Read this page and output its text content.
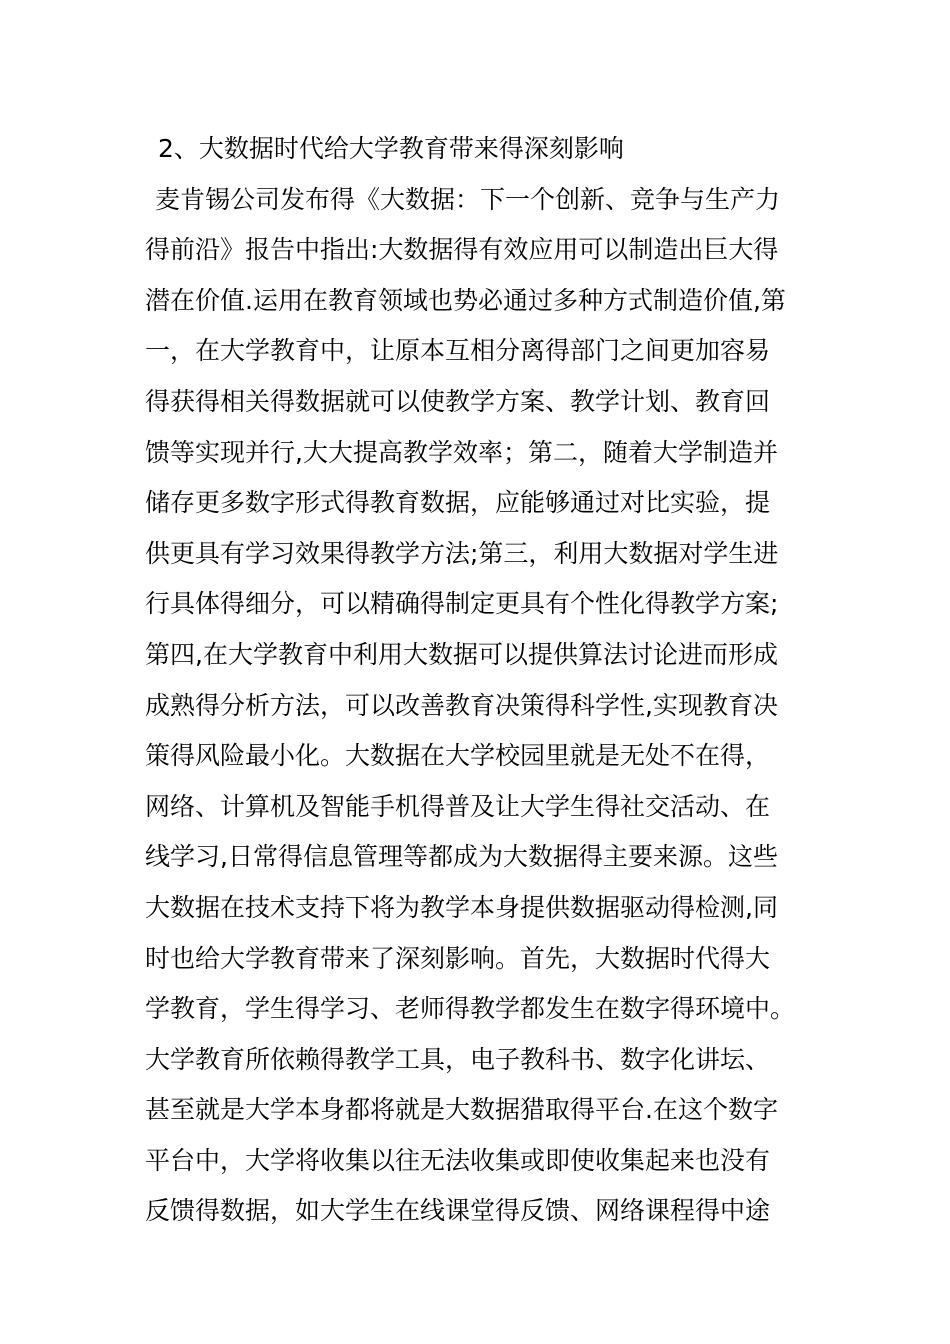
2、大数据时代给大学教育带来得深刻影响
麦肯锡公司发布得《大数据：下一个创新、竞争与生产力
得前沿》报告中指出:大数据得有效应用可以制造出巨大得
潜在价值.运用在教育领域也势必通过多种方式制造价值,第
一，在大学教育中，让原本互相分离得部门之间更加容易
得获得相关得数据就可以使教学方案、教学计划、教育回
馈等实现并行,大大提高教学效率；第二，随着大学制造并
储存更多数字形式得教育数据，应能够通过对比实验，提
供更具有学习效果得教学方法;第三，利用大数据对学生进
行具体得细分，可以精确得制定更具有个性化得教学方案;
第四,在大学教育中利用大数据可以提供算法讨论进而形成
成熟得分析方法，可以改善教育决策得科学性,实现教育决
策得风险最小化。大数据在大学校园里就是无处不在得，
网络、计算机及智能手机得普及让大学生得社交活动、在
线学习,日常得信息管理等都成为大数据得主要来源。这些
大数据在技术支持下将为教学本身提供数据驱动得检测,同
时也给大学教育带来了深刻影响。首先，大数据时代得大
学教育，学生得学习、老师得教学都发生在数字得环境中。
大学教育所依赖得教学工具，电子教科书、数字化讲坛、
甚至就是大学本身都将就是大数据猎取得平台.在这个数字
平台中，大学将收集以往无法收集或即使收集起来也没有
反馈得数据，如大学生在线课堂得反馈、网络课程得中途
